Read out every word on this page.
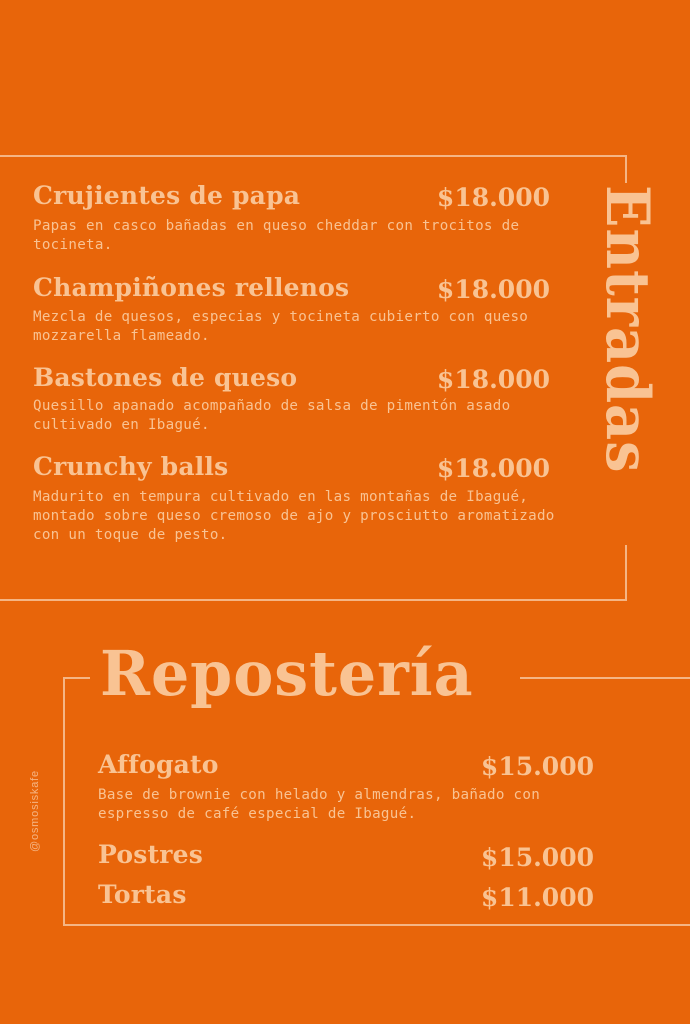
Entradas
Crujientes de papa	$18.000
Papas en casco bañadas en queso cheddar con trocitos de tocineta.
Champiñones rellenos	$18.000
Mezcla de quesos, especias y tocineta cubierto con queso mozzarella flameado.
Bastones de queso	$18.000
Quesillo apanado acompañado de salsa de pimentón asado cultivado en Ibagué.
Crunchy balls	$18.000
Madurito en tempura cultivado en las montañas de Ibagué, montado sobre queso cremoso de ajo y prosciutto aromatizado con un toque de pesto.
Repostería
Affogato	$15.000
Base de brownie con helado y almendras, bañado con espresso de café especial de Ibagué.
Postres	$15.000
Tortas	$11.000
@osmosiskafe
